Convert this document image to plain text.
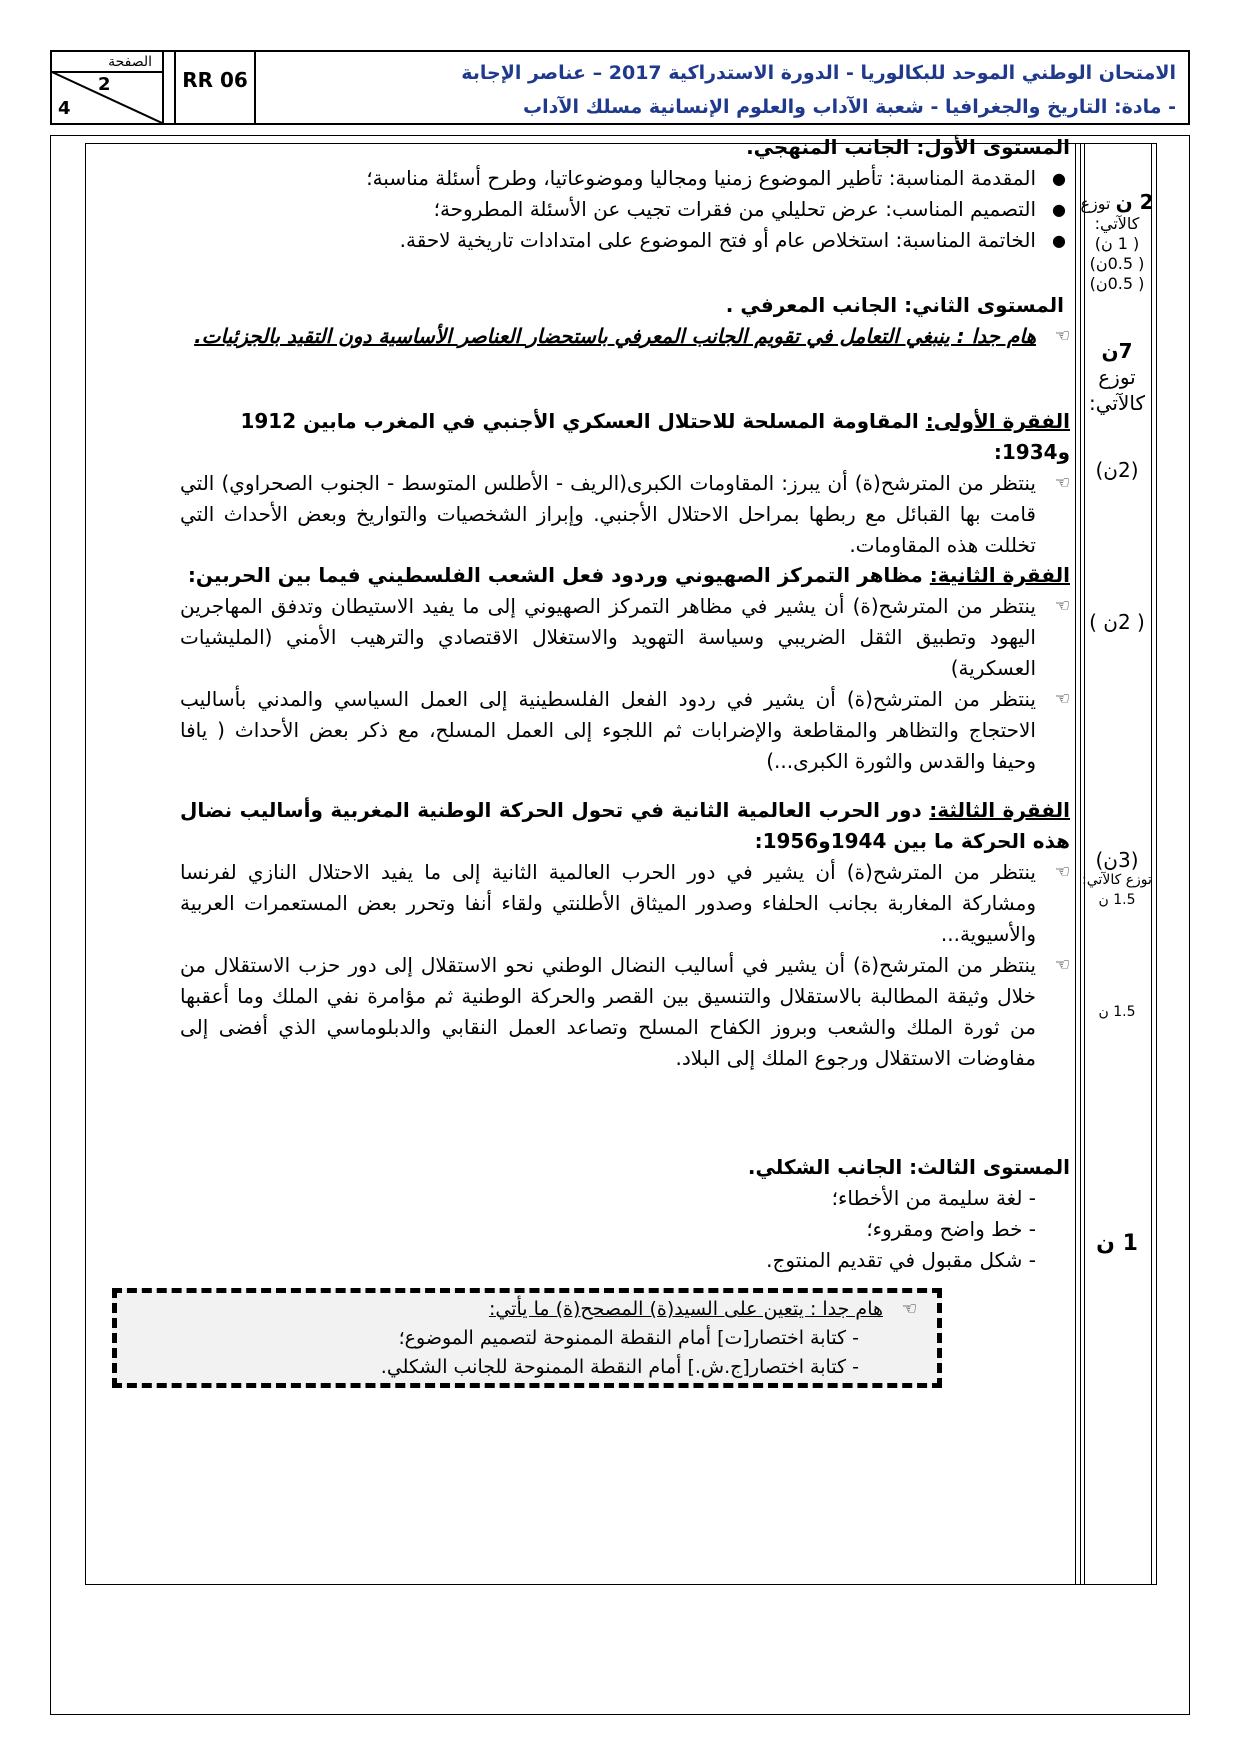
الصفحة
2
4
RR 06	الامتحان الوطني الموحد للبكالوريا - الدورة الاستدراكية 2017 – عناصر الإجابة
- مادة: التاريخ والجغرافيا - شعبة الآداب والعلوم الإنسانية مسلك الآداب
المستوى الأول: الجانب المنهجي.
● المقدمة المناسبة: تأطير الموضوع زمنيا ومجاليا وموضوعاتيا، وطرح أسئلة مناسبة؛
● التصميم المناسب: عرض تحليلي من فقرات تجيب عن الأسئلة المطروحة؛
● الخاتمة المناسبة: استخلاص عام أو فتح الموضوع على امتدادات تاريخية لاحقة.
المستوى الثاني: الجانب المعرفي .
☜
هام جدا : ينبغي التعامل في تقويم الجانب المعرفي باستحضار العناصر الأساسية دون التقيد بالجزئيات.
الفقرة الأولى: المقاومة المسلحة للاحتلال العسكري الأجنبي في المغرب مابين 1912 و1934:
☜
ينتظر من المترشح(ة) أن يبرز: المقاومات الكبرى(الريف - الأطلس المتوسط - الجنوب الصحراوي) التي قامت بها القبائل مع ربطها بمراحل الاحتلال الأجنبي. وإبراز الشخصيات والتواريخ وبعض الأحداث التي تخللت هذه المقاومات.
الفقرة الثانية: مظاهر التمركز الصهيوني وردود فعل الشعب الفلسطيني فيما بين الحربين:
☜
ينتظر من المترشح(ة) أن يشير في مظاهر التمركز الصهيوني إلى ما يفيد الاستيطان وتدفق المهاجرين اليهود وتطبيق الثقل الضريبي وسياسة التهويد والاستغلال الاقتصادي والترهيب الأمني (المليشيات العسكرية)
☜
ينتظر من المترشح(ة) أن يشير في ردود الفعل الفلسطينية إلى العمل السياسي والمدني بأساليب الاحتجاج والتظاهر والمقاطعة والإضرابات ثم اللجوء إلى العمل المسلح، مع ذكر بعض الأحداث ( يافا وحيفا والقدس والثورة الكبرى...)
الفقرة الثالثة: دور الحرب العالمية الثانية في تحول الحركة الوطنية المغربية وأساليب نضال هذه الحركة ما بين 1944و1956:
☜
ينتظر من المترشح(ة) أن يشير في دور الحرب العالمية الثانية إلى ما يفيد الاحتلال النازي لفرنسا ومشاركة المغاربة بجانب الحلفاء وصدور الميثاق الأطلنتي ولقاء أنفا وتحرر بعض المستعمرات العربية والأسيوية...
☜
ينتظر من المترشح(ة) أن يشير في أساليب النضال الوطني نحو الاستقلال إلى دور حزب الاستقلال من خلال وثيقة المطالبة بالاستقلال والتنسيق بين القصر والحركة الوطنية ثم مؤامرة نفي الملك وما أعقبها من ثورة الملك والشعب وبروز الكفاح المسلح وتصاعد العمل النقابي والدبلوماسي الذي أفضى إلى مفاوضات الاستقلال ورجوع الملك إلى البلاد.
المستوى الثالث: الجانب الشكلي.
- لغة سليمة من الأخطاء؛
- خط واضح ومقروء؛
- شكل مقبول في تقديم المنتوج.
☜
هام جدا : يتعين على السيد(ة) المصحح(ة) ما يأتي:
- كتابة اختصار[ت] أمام النقطة الممنوحة لتصميم الموضوع؛
- كتابة اختصار[ج.ش.] أمام النقطة الممنوحة للجانب الشكلي.
2 ن توزع كالآتي:
( 1 ن)
( 0.5ن)
( 0.5ن)
7ن
توزع كالآتي:
(2ن)
( 2ن )
(3ن)
توزع كالآتي:
1.5 ن
1.5 ن
1 ن
